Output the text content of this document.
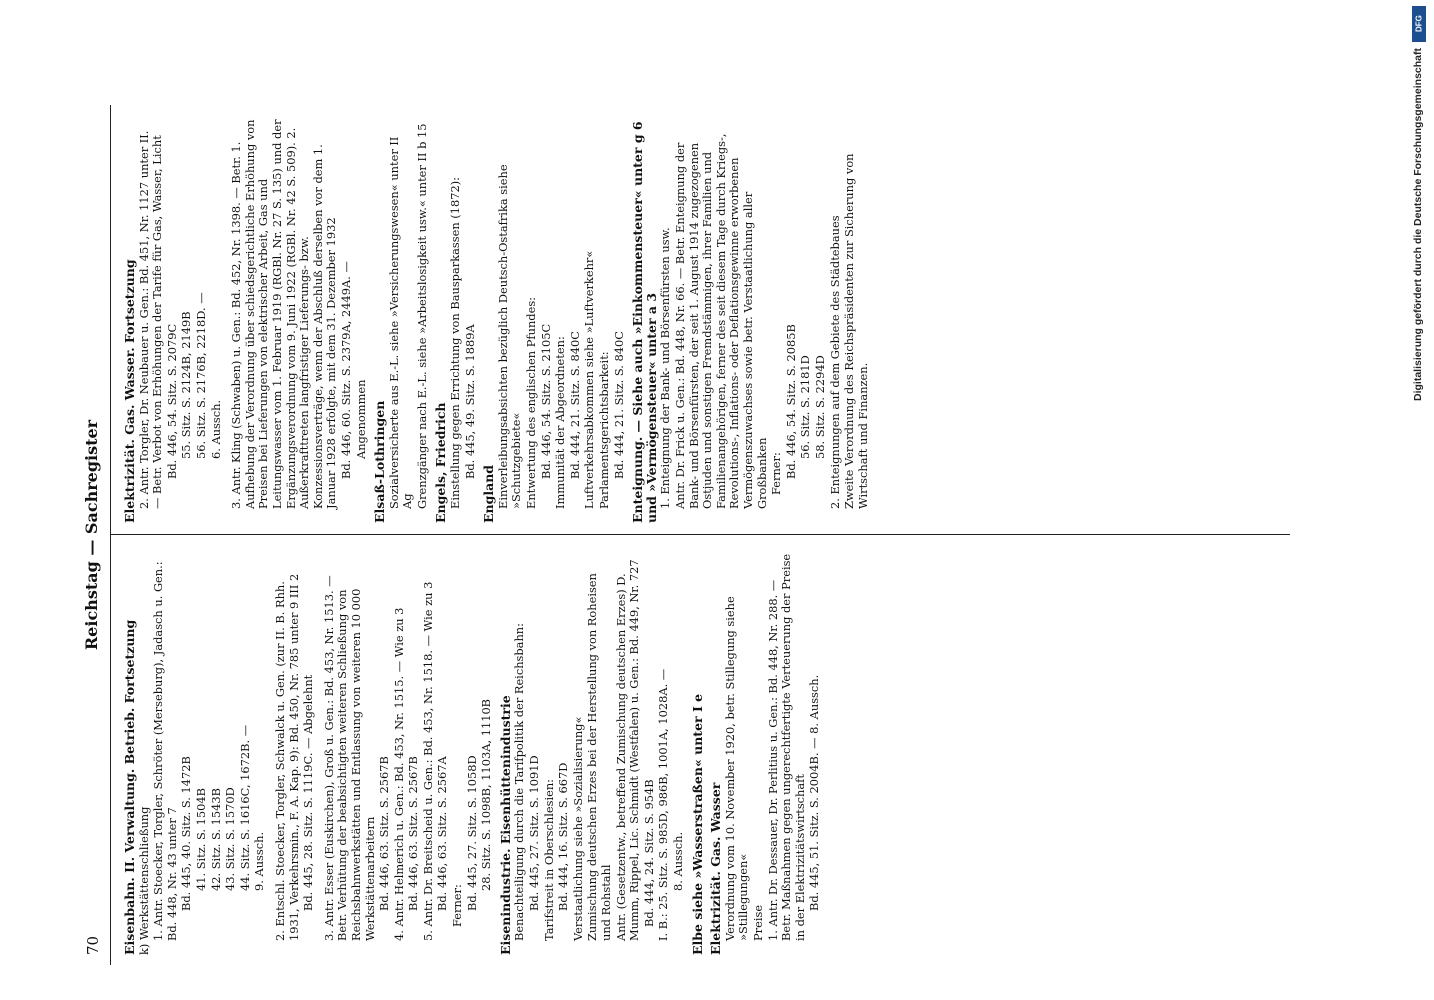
70
Reichstag — Sachregister
Eisenbahn. II. Verwaltung. Betrieb. Fortsetzung k) Werkstättenschließung 1. Antr. Stoecker, Torgler, Schröter (Merseburg), Jadasch u. Gen.: Bd. 448, Nr. 43 unter 7 Bd. 445, 40. Sitz. S. 1472B 41. Sitz. S. 1504B 42. Sitz. S. 1543B 43. Sitz. S. 1570D 44. Sitz. S. 1616C, 1672B. — 9. Aussch. 2. Entschl. Stoecker, Torgler, Schwalck u. Gen. (zur II. B. Rhh. 1931, Verkehrsmin., F. A. Kap. 9): Bd. 450, Nr. 785 unter 9 III 2 Bd. 445, 28. Sitz. S. 1119C. — Abgelehnt 3. Antr. Esser (Euskirchen), Groß u. Gen.: Bd. 453, Nr. 1513. — Betr. Verhütung der beabsichtigten weiteren Schließung von Reichsbahnwerkstätten und Entlassung von weiteren 10 000 Werkstättenarbeitern Bd. 446, 63. Sitz. S. 2567B 4. Antr. Helmerich u. Gen.: Bd. 453, Nr. 1515. — Wie zu 3 Bd. 446, 63. Sitz. S. 2567B 5. Antr. Dr. Breitscheid u. Gen.: Bd. 453, Nr. 1518. — Wie zu 3 Bd. 446, 63. Sitz. S. 2567A Ferner: Bd. 445, 27. Sitz. S. 1058D 28. Sitz. S. 1098B, 1103A, 1110B Eisenindustrie. Eisenhüttenindustrie Benachteiligung durch die Tarifpolitik der Reichsbahn: Bd. 445, 27. Sitz. S. 1091D Tarifstreit in Oberschlesien: Bd. 444, 16. Sitz. S. 667D Verstaatlichung siehe »Sozialisierung« Zumischung deutschen Erzes bei der Herstellung von Roheisen und Rohstahl Antr. (Gesetzentw., betreffend Zumischung deutschen Erzes) D. Mumm, Rippel, Lic. Schmidt (Westfalen) u. Gen.: Bd. 449, Nr. 727 Bd. 444, 24. Sitz. S. 954B I. B.: 25. Sitz. S. 985D, 986B, 1001A, 1028A. — 8. Aussch. Elbe siehe »Wasserstraßen« unter I e Elektrizität. Gas. Wasser Verordnung vom 10. November 1920, betr. Stillegung siehe »Stillegungen« Preise 1. Antr. Dr. Dessauer, Dr. Perlitius u. Gen.: Bd. 448, Nr. 288. — Betr. Maßnahmen gegen ungerechtfertigte Verteuerung der Preise in der Elektrizitätswirtschaft Bd. 445, 51. Sitz. S. 2004B. — 8. Aussch.
Elektrizität. Gas. Wasser. Fortsetzung 2. Antr. Torgler, Dr. Neubauer u. Gen.: Bd. 451, Nr. 1127 unter II. — Betr. Verbot von Erhöhungen der Tarife für Gas, Wasser, Licht Bd. 446, 54. Sitz. S. 2079C 55. Sitz. S. 2124B, 2149B 56. Sitz. S. 2176B, 2218D. — 6. Aussch. 3. Antr. Kling (Schwaben) u. Gen.: Bd. 452, Nr. 1398. — Betr. 1. Aufhebung der Verordnung über schiedsgerichtliche Erhöhung von Preisen bei Lieferungen von elektrischer Arbeit, Gas und Leitungswasser vom 1. Februar 1919 (RGBl. Nr. 27 S. 135) und der Ergänzungsverordnung vom 9. Juni 1922 (RGBl. Nr. 42 S. 509). 2. Außerkrafttreten langfristiger Lieferungs- bzw. Konzessionsverträge, wenn der Abschluß derselben vor dem 1. Januar 1928 erfolgte, mit dem 31. Dezember 1932 Bd. 446, 60. Sitz. S. 2379A, 2449A. — Angenommen Elsaß-Lothringen Sozialversicherte aus E.-L. siehe »Versicherungswesen« unter II Ag Grenzgänger nach E.-L. siehe »Arbeitslosigkeit usw.« unter II b 15 Engels, Friedrich Einstellung gegen Errichtung von Bausparkassen (1872): Bd. 445, 49. Sitz. S. 1889A
England Einverleibungsabsichten bezüglich Deutsch-Ostafrika siehe »Schutzgebiete« Entwertung des englischen Pfundes: Bd. 446, 54. Sitz. S. 2105C Immunität der Abgeordneten: Bd. 444, 21. Sitz. S. 840C Luftverkehrsabkommen siehe »Luftverkehr« Parlamentsgerichtsbarkeit: Bd. 444, 21. Sitz. S. 840C Enteignung. — Siehe auch »Einkommensteuer« unter g 6 und »Vermögensteuer« unter a 3 1. Enteignung der Bank- und Börsenfürsten usw. Antr. Dr. Frick u. Gen.: Bd. 448, Nr. 66. — Betr. Enteignung der Bank- und Börsenfürsten, der seit 1. August 1914 zugezogenen Ostjuden und sonstigen Fremdstämmigen, ihrer Familien und Familienangehörigen, ferner des seit diesem Tage durch Kriegs-, Revolutions-, Inflations- oder Deflationsgewinne erworbenen Vermögenszuwachses sowie betr. Verstaatlichung aller Großbanken Ferner: Bd. 446, 54. Sitz. S. 2085B 56. Sitz. S. 2181D 58. Sitz. S. 2294D 2. Enteignungen auf dem Gebiete des Städtebaues Zweite Verordnung des Reichspräsidenten zur Sicherung von Wirtschaft und Finanzen.
DFG
Digitalisierung gefördert durch die Deutsche Forschungsgemeinschaft
